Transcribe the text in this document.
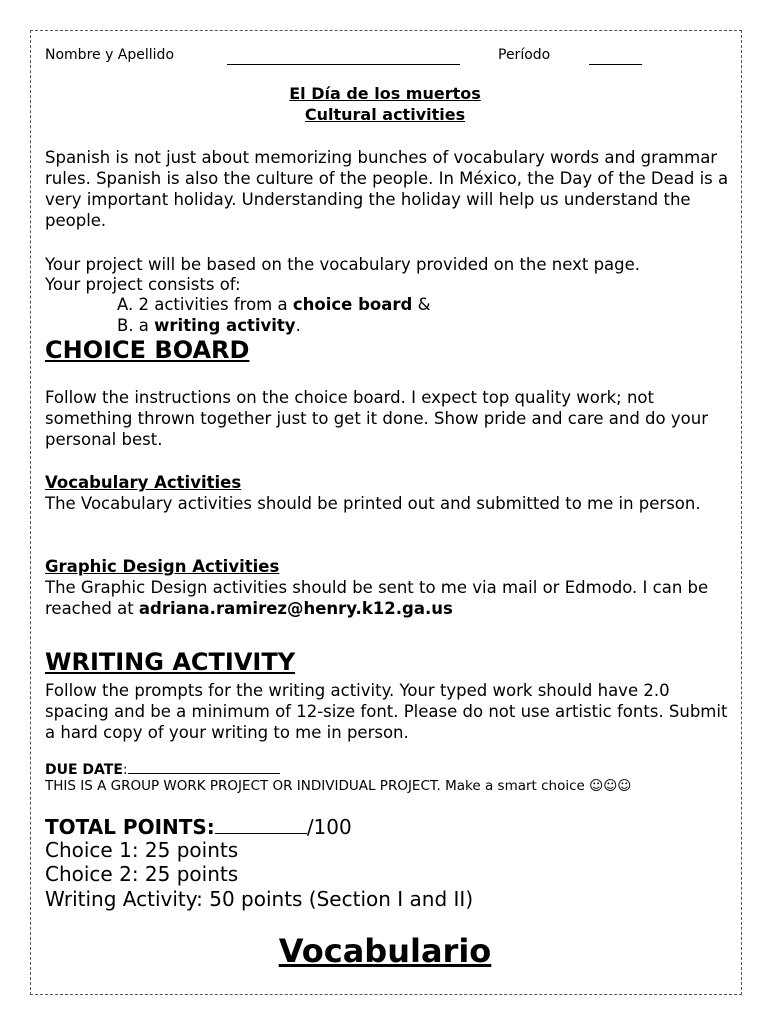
Nombre y Apellido	Período
El Día de los muertos
Cultural activities
Spanish is not just about memorizing bunches of vocabulary words and grammar rules. Spanish is also the culture of the people. In México, the Day of the Dead is a very important holiday. Understanding the holiday will help us understand the people.
Your project will be based on the vocabulary provided on the next page.
Your project consists of:
A. 2 activities from a choice board &
B. a writing activity.
CHOICE BOARD
Follow the instructions on the choice board. I expect top quality work; not something thrown together just to get it done. Show pride and care and do your personal best.
Vocabulary Activities
The Vocabulary activities should be printed out and submitted to me in person.
Graphic Design Activities
The Graphic Design activities should be sent to me via mail or Edmodo. I can be reached at adriana.ramirez@henry.k12.ga.us
WRITING ACTIVITY
Follow the prompts for the writing activity. Your typed work should have 2.0 spacing and be a minimum of 12-size font. Please do not use artistic fonts. Submit a hard copy of your writing to me in person.
DUE DATE:
THIS IS A GROUP WORK PROJECT OR INDIVIDUAL PROJECT. Make a smart choice ☺☺☺
TOTAL POINTS:	/100
Choice 1: 25 points
Choice 2: 25 points
Writing Activity: 50 points (Section I and II)
Vocabulario
